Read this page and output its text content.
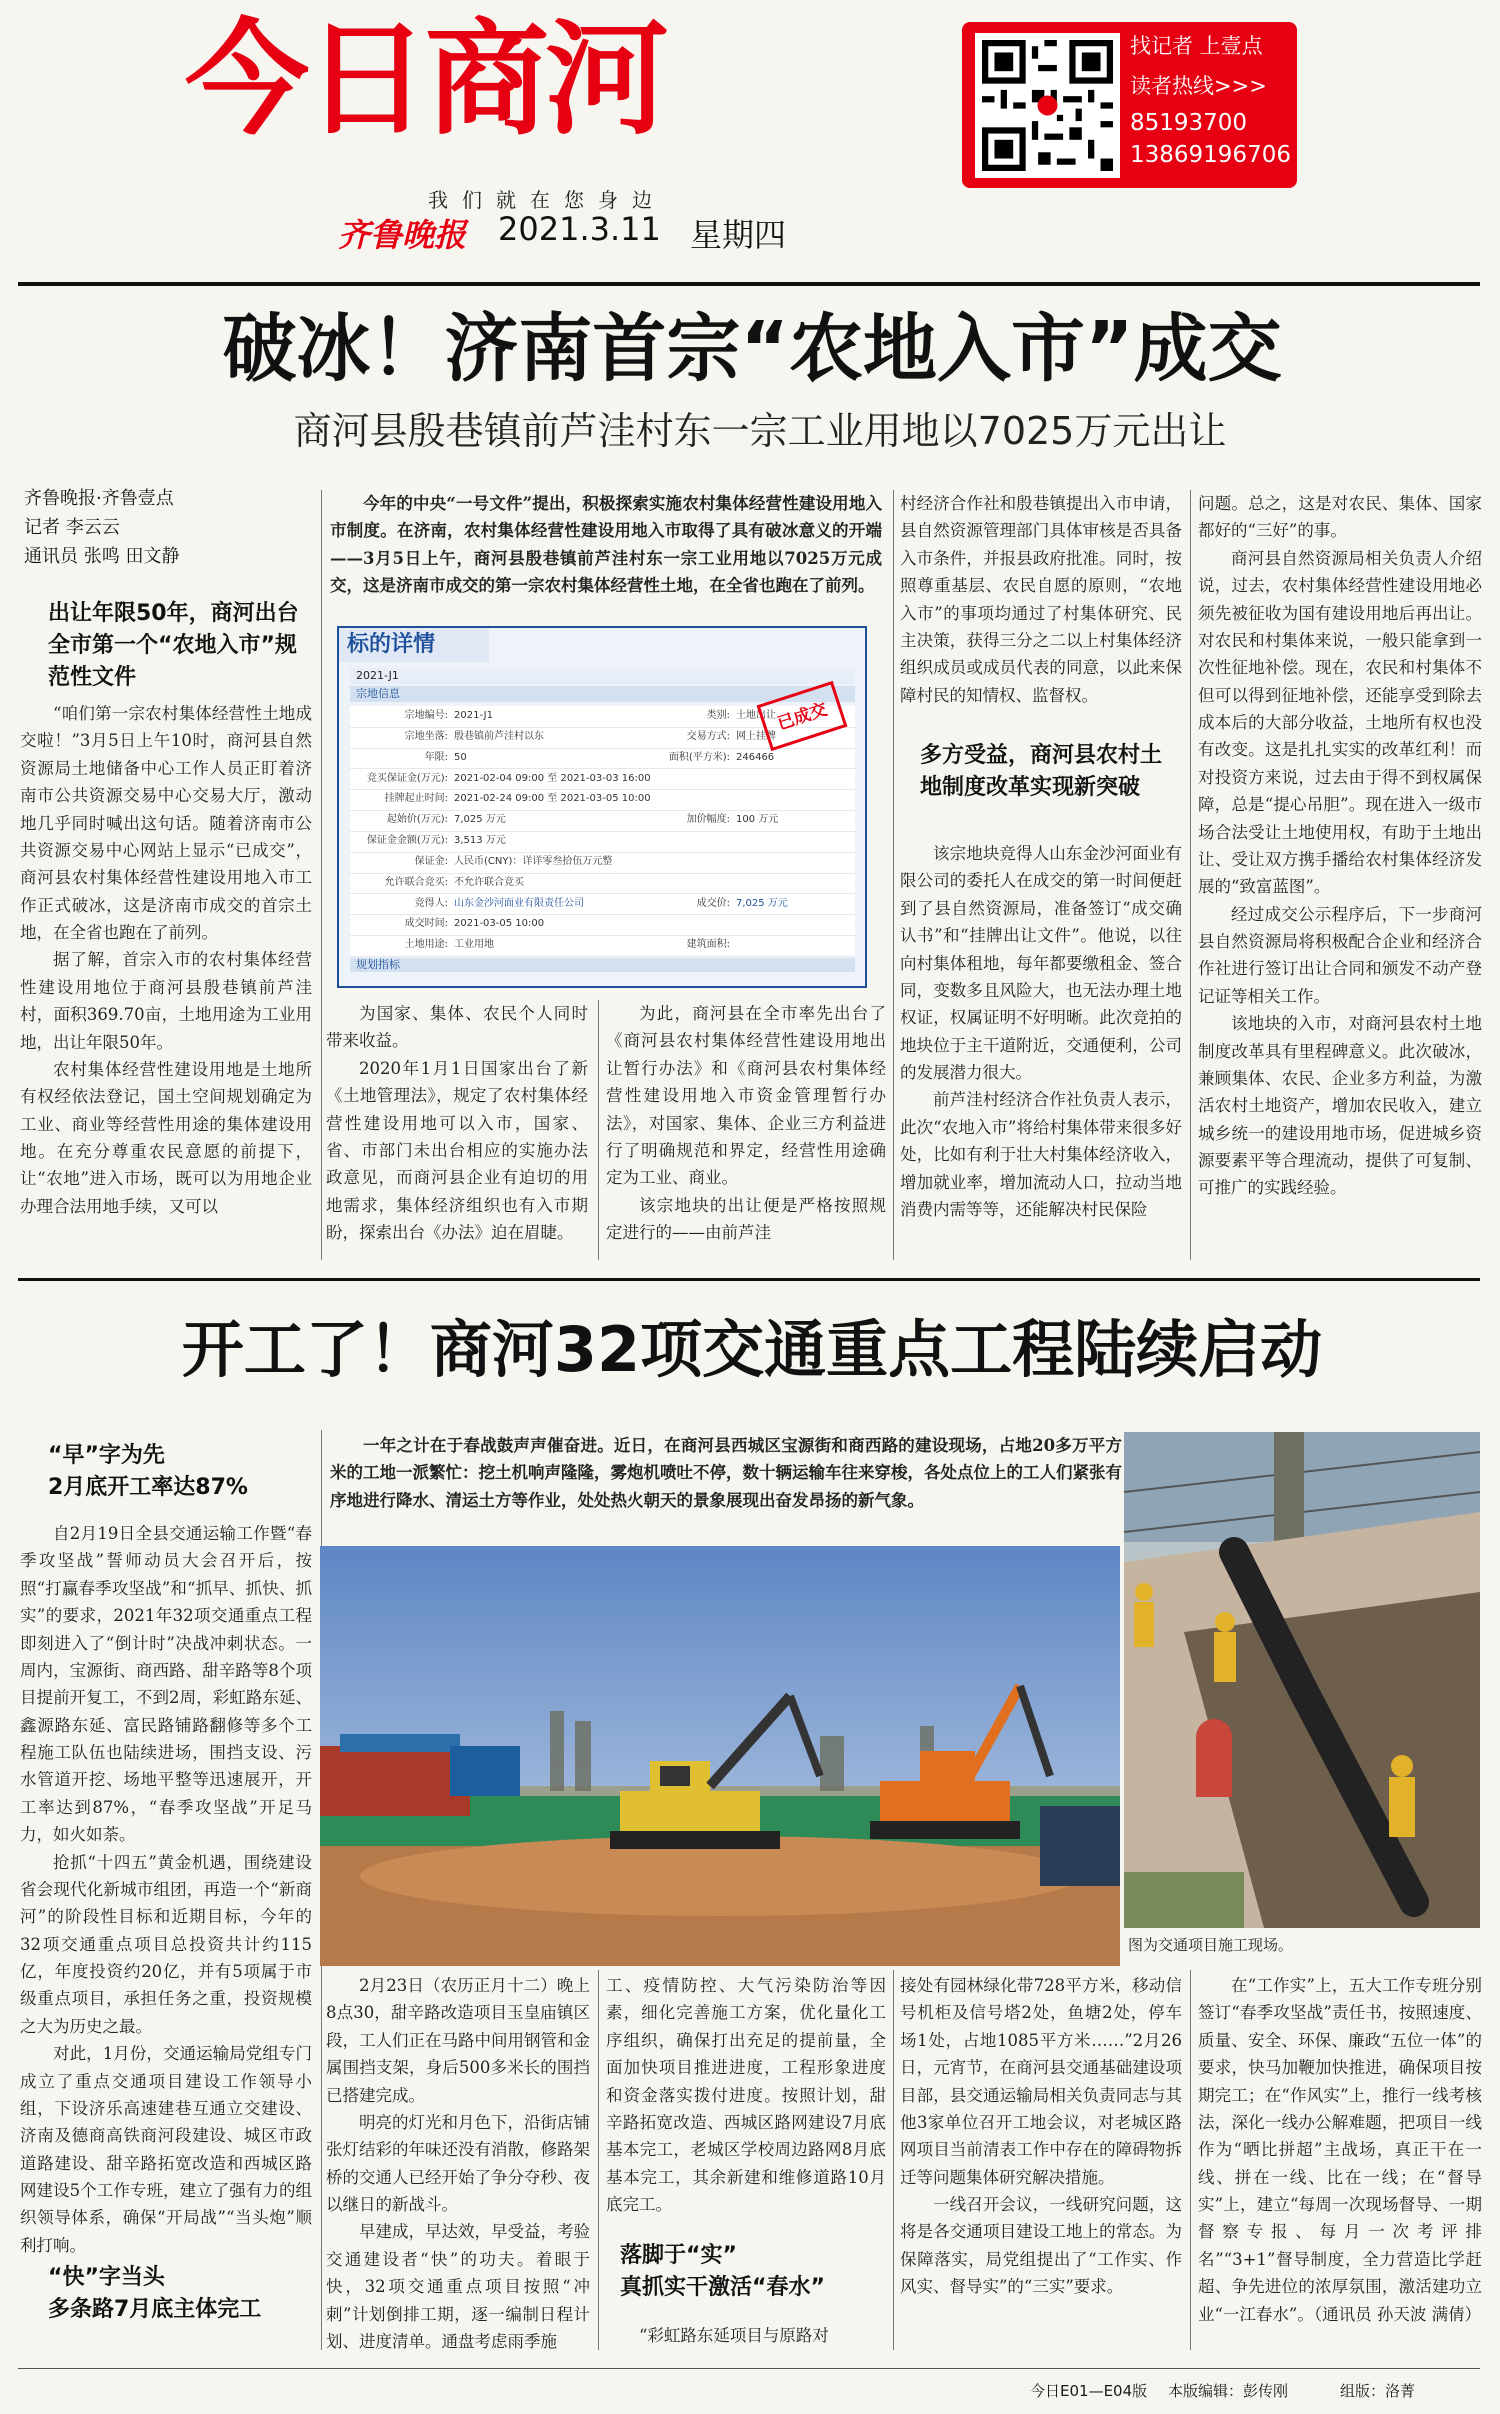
今日商河
我们就在您身边
齐鲁晚报 2021.3.11 星期四
找记者 上壹点
读者热线>>>
85193700
13869196706
破冰！济南首宗“农地入市”成交
商河县殷巷镇前芦洼村东一宗工业用地以7025万元出让
齐鲁晚报·齐鲁壹点
记者 李云云
通讯员 张鸣 田文静
出让年限50年，商河出台全市第一个“农地入市”规范性文件

“咱们第一宗农村集体经营性土地成交啦！”3月5日上午10时，商河县自然资源局土地储备中心工作人员正盯着济南市公共资源交易中心交易大厅，激动地几乎同时喊出这句话。随着济南市公共资源交易中心网站上显示“已成交”，商河县农村集体经营性建设用地入市工作正式破冰，这是济南市成交的首宗土地，在全省也跑在了前列。

据了解，首宗入市的农村集体经营性建设用地位于商河县殷巷镇前芦洼村，面积369.70亩，土地用途为工业用地，出让年限50年。

农村集体经营性建设用地是土地所有权经依法登记，国土空间规划确定为工业、商业等经营性用途的集体建设用地。在充分尊重农民意愿的前提下，让“农地”进入市场，既可以为用地企业办理合法用地手续，又可以

今年的中央“一号文件”提出，积极探索实施农村集体经营性建设用地入市制度。在济南，农村集体经营性建设用地入市取得了具有破冰意义的开端——3月5日上午，商河县殷巷镇前芦洼村东一宗工业用地以7025万元成交，这是济南市成交的第一宗农村集体经营性土地，在全省也跑在了前列。

标的详情
2021-J1
宗地信息
宗地编号: 2021-J1	类别: 土地出让
宗地坐落: 殷巷镇前芦洼村以东	交易方式: 网上挂牌
年限: 50	面积(平方米): 246466
竞买保证金(万元): 2021-02-04 09:00 至 2021-03-03 16:00
挂牌起止时间: 2021-02-24 09:00 至 2021-03-05 10:00
起始价(万元): 7,025 万元	加价幅度: 100 万元
保证金金额(万元): 3,513 万元
保证金: 人民币(CNY)：详详零叁拾伍万元整
允许联合竞买: 不允许联合竞买
竞得人: 山东金沙河面业有限责任公司	成交价: 7,025 万元
成交时间: 2021-03-05 10:00
土地用途: 工业用地	建筑面积:
规划指标
已成交

为国家、集体、农民个人同时带来收益。

2020年1月1日国家出台了新《土地管理法》，规定了农村集体经营性建设用地可以入市，国家、省、市部门未出台相应的实施办法政意见，而商河县企业有迫切的用地需求，集体经济组织也有入市期盼，探索出台《办法》迫在眉睫。

为此，商河县在全市率先出台了《商河县农村集体经营性建设用地出让暂行办法》和《商河县农村集体经营性建设用地入市资金管理暂行办法》，对国家、集体、企业三方利益进行了明确规范和界定，经营性用途确定为工业、商业。

该宗地块的出让便是严格按照规定进行的——由前芦洼

村经济合作社和殷巷镇提出入市申请，县自然资源管理部门具体审核是否具备入市条件，并报县政府批准。同时，按照尊重基层、农民自愿的原则，“农地入市”的事项均通过了村集体研究、民主决策，获得三分之二以上村集体经济组织成员或成员代表的同意，以此来保障村民的知情权、监督权。

多方受益，商河县农村土地制度改革实现新突破

该宗地块竞得人山东金沙河面业有限公司的委托人在成交的第一时间便赶到了县自然资源局，准备签订“成交确认书”和“挂牌出让文件”。他说，以往向村集体租地，每年都要缴租金、签合同，变数多且风险大，也无法办理土地权证，权属证明不好明晰。此次竞拍的地块位于主干道附近，交通便利，公司的发展潜力很大。

前芦洼村经济合作社负责人表示，此次“农地入市”将给村集体带来很多好处，比如有利于壮大村集体经济收入，增加就业率，增加流动人口，拉动当地消费内需等等，还能解决村民保险

问题。总之，这是对农民、集体、国家都好的“三好”的事。

商河县自然资源局相关负责人介绍说，过去，农村集体经营性建设用地必须先被征收为国有建设用地后再出让。对农民和村集体来说，一般只能拿到一次性征地补偿。现在，农民和村集体不但可以得到征地补偿，还能享受到除去成本后的大部分收益，土地所有权也没有改变。这是扎扎实实的改革红利！而对投资方来说，过去由于得不到权属保障，总是“提心吊胆”。现在进入一级市场合法受让土地使用权，有助于土地出让、受让双方携手播给农村集体经济发展的“致富蓝图”。

经过成交公示程序后，下一步商河县自然资源局将积极配合企业和经济合作社进行签订出让合同和颁发不动产登记证等相关工作。

该地块的入市，对商河县农村土地制度改革具有里程碑意义。此次破冰，兼顾集体、农民、企业多方利益，为激活农村土地资产，增加农民收入，建立城乡统一的建设用地市场，促进城乡资源要素平等合理流动，提供了可复制、可推广的实践经验。

开工了！商河32项交通重点工程陆续启动
“早”字为先
2月底开工率达87%

自2月19日全县交通运输工作暨“春季攻坚战”誓师动员大会召开后，按照“打赢春季攻坚战”和“抓早、抓快、抓实”的要求，2021年32项交通重点工程即刻进入了“倒计时”决战冲刺状态。一周内，宝源街、商西路、甜辛路等8个项目提前开复工，不到2周，彩虹路东延、鑫源路东延、富民路铺路翻修等多个工程施工队伍也陆续进场，围挡支设、污水管道开挖、场地平整等迅速展开，开工率达到87%，“春季攻坚战”开足马力，如火如荼。

抢抓“十四五”黄金机遇，围绕建设省会现代化新城市组团，再造一个“新商河”的阶段性目标和近期目标，今年的32项交通重点项目总投资共计约115亿，年度投资约20亿，并有5项属于市级重点项目，承担任务之重，投资规模之大为历史之最。

对此，1月份，交通运输局党组专门成立了重点交通项目建设工作领导小组，下设济乐高速建巷互通立交建设、济南及德商高铁商河段建设、城区市政道路建设、甜辛路拓宽改造和西城区路网建设5个工作专班，建立了强有力的组织领导体系，确保“开局战”“当头炮”顺利打响。

“快”字当头
多条路7月底主体完工

一年之计在于春战鼓声声催奋进。近日，在商河县西城区宝源街和商西路的建设现场，占地20多万平方米的工地一派繁忙：挖土机响声隆隆，雾炮机喷吐不停，数十辆运输车往来穿梭，各处点位上的工人们紧张有序地进行降水、清运土方等作业，处处热火朝天的景象展现出奋发昂扬的新气象。

图为交通项目施工现场。

2月23日（农历正月十二）晚上8点30，甜辛路改造项目玉皇庙镇区段，工人们正在马路中间用钢管和金属围挡支架，身后500多米长的围挡已搭建完成。

明亮的灯光和月色下，沿街店铺张灯结彩的年味还没有消散，修路架桥的交通人已经开始了争分夺秒、夜以继日的新战斗。

早建成，早达效，早受益，考验交通建设者“快”的功夫。着眼于快，32项交通重点项目按照“冲刺”计划倒排工期，逐一编制日程计划、进度清单。通盘考虑雨季施

工、疫情防控、大气污染防治等因素，细化完善施工方案，优化量化工序组织，确保打出充足的提前量，全面加快项目推进进度，工程形象进度和资金落实拨付进度。按照计划，甜辛路拓宽改造、西城区路网建设7月底基本完工，老城区学校周边路网8月底基本完工，其余新建和维修道路10月底完工。

落脚于“实”
真抓实干激活“春水”

“彩虹路东延项目与原路对

接处有园林绿化带728平方米，移动信号机柜及信号塔2处，鱼塘2处，停车场1处，占地1085平方米……”2月26日，元宵节，在商河县交通基础建设项目部，县交通运输局相关负责同志与其他3家单位召开工地会议，对老城区路网项目当前清表工作中存在的障碍物拆迁等问题集体研究解决措施。

一线召开会议，一线研究问题，这将是各交通项目建设工地上的常态。为保障落实，局党组提出了“工作实、作风实、督导实”的“三实”要求。

在“工作实”上，五大工作专班分别签订“春季攻坚战”责任书，按照速度、质量、安全、环保、廉政“五位一体”的要求，快马加鞭加快推进，确保项目按期完工；在“作风实”上，推行一线考核法，深化一线办公解难题，把项目一线作为“晒比拼超”主战场，真正干在一线、拼在一线、比在一线；在“督导实”上，建立“每周一次现场督导、一期督察专报、每月一次考评排名”“3+1”督导制度，全力营造比学赶超、争先进位的浓厚氛围，激活建功立业“一江春水”。（通讯员 孙天波 满倩）

今日E01—E04版 本版编辑：彭传刚	组版：洛菁
